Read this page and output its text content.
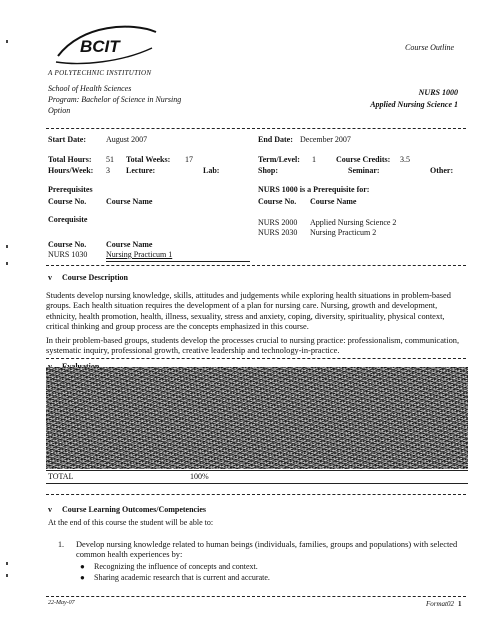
BCIT	Course Outline
A POLYTECHNIC INSTITUTION
School of Health Sciences
Program: Bachelor of Science in Nursing
Option
NURS 1000
Applied Nursing Science 1
Start Date:	August 2007	End Date: December 2007
Total Hours: 51 Total Weeks: 17	Term/Level: 1	Course Credits: 3.5
Hours/Week: 3 Lecture:	Lab:	Shop:	Seminar:	Other:
Prerequisites	NURS 1000 is a Prerequisite for:
Course No. Course Name	Course No. Course Name
Corequisite	NURS 2000 Applied Nursing Science 2
NURS 2030 Nursing Practicum 2
Course No. Course Name
NURS 1030 Nursing Practicum 1
v Course Description
Students develop nursing knowledge, skills, attitudes and judgements while exploring health situations in problem-based groups. Each health situation requires the development of a plan for nursing care. Nursing, growth and development, ethnicity, health promotion, health, illness, sexuality, stress and anxiety, coping, diversity, spirituality, physical context, critical thinking and group process are the concepts emphasized in this course.
In their problem-based groups, students develop the processes crucial to nursing practice: professionalism, communication, systematic inquiry, professional growth, creative leadership and technology-in-practice.
TOTAL	100%
v Course Learning Outcomes/Competencies
At the end of this course the student will be able to:
1. Develop nursing knowledge related to human beings (individuals, families, groups and populations) with selected common health experiences by:
● Recognizing the influence of concepts and context.
● Sharing academic research that is current and accurate.
22-May-07	Format02 1
